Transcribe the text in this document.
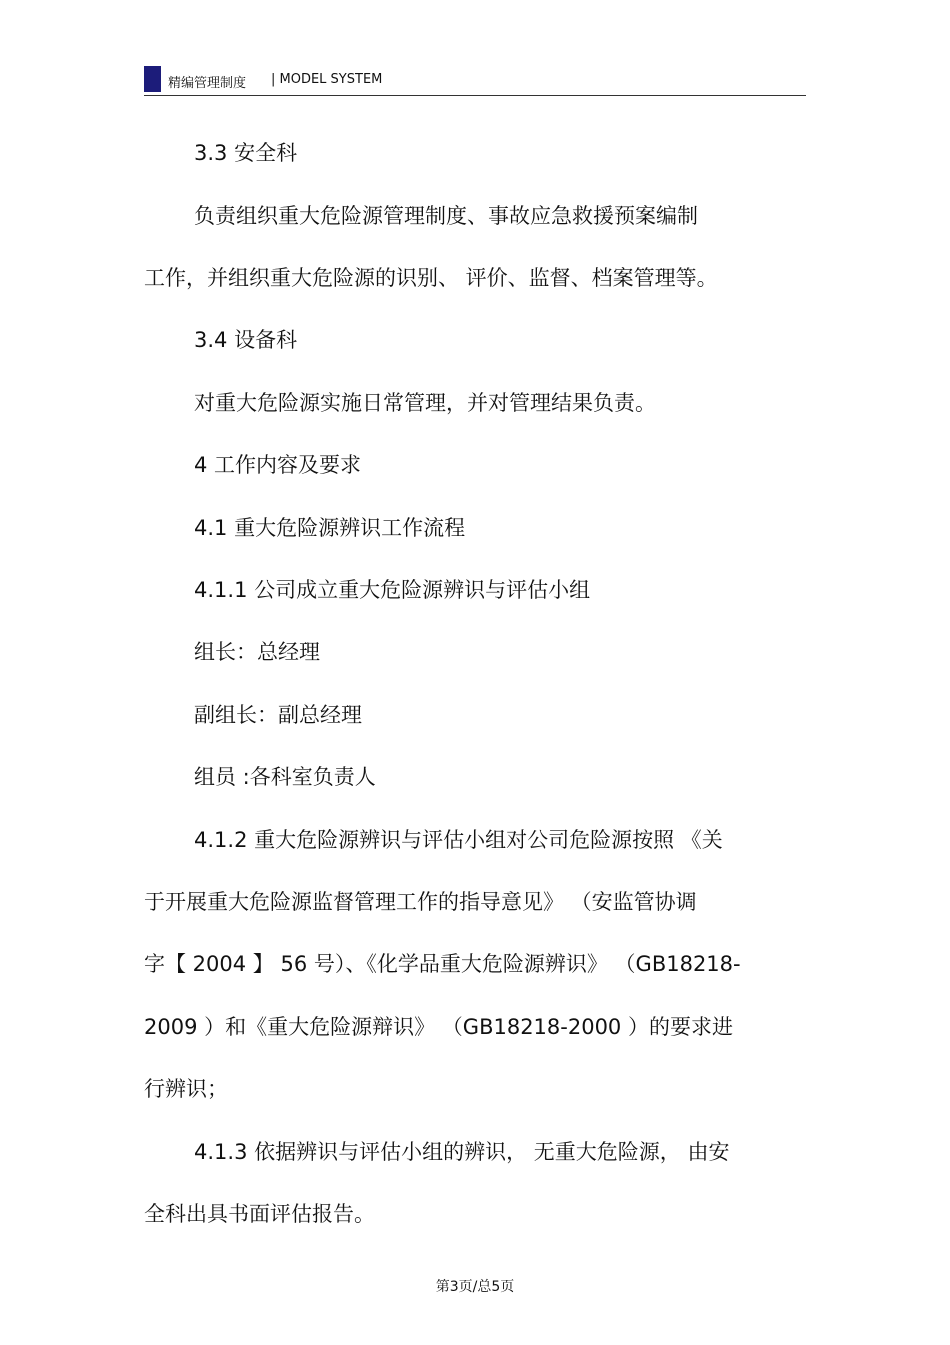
精编管理制度 | MODEL SYSTEM
3.3 安全科
负责组织重大危险源管理制度、事故应急救援预案编制
工作，并组织重大危险源的识别、 评价、监督、档案管理等。
3.4 设备科
对重大危险源实施日常管理，并对管理结果负责。
4 工作内容及要求
4.1 重大危险源辨识工作流程
4.1.1 公司成立重大危险源辨识与评估小组
组长：总经理
副组长：副总经理
组员 :各科室负责人
4.1.2 重大危险源辨识与评估小组对公司危险源按照 《关
于开展重大危险源监督管理工作的指导意见》 （安监管协调
字【 2004 】 56 号）、《化学品重大危险源辨识》 （GB18218-
2009 ）和《重大危险源辩识》 （GB18218-2000 ）的要求进
行辨识；
4.1.3 依据辨识与评估小组的辨识， 无重大危险源， 由安
全科出具书面评估报告。
第3页/总5页
